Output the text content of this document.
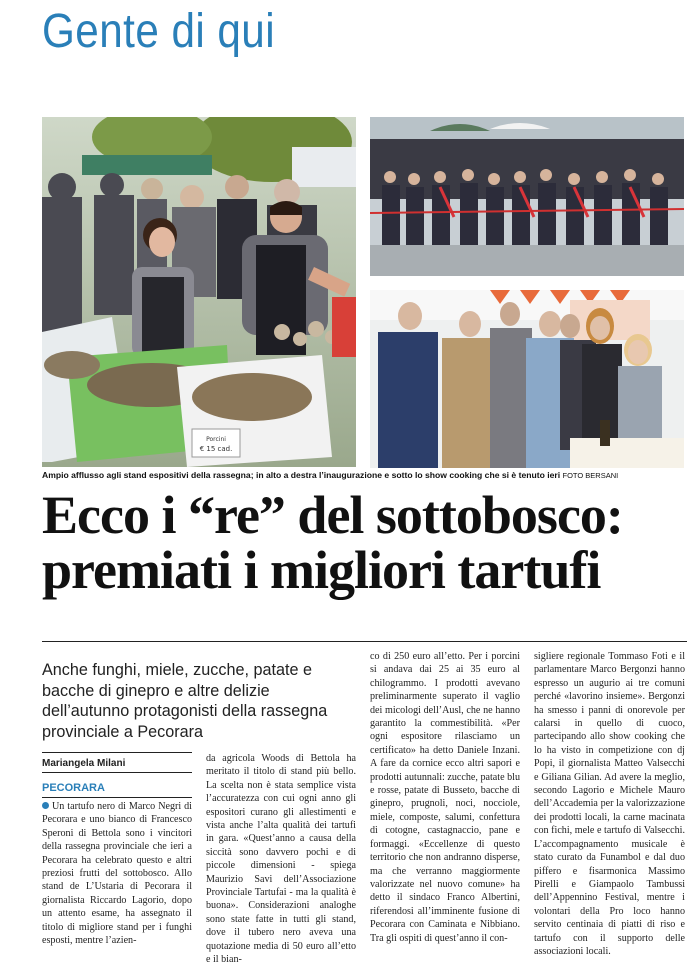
Gente di qui
Porcini
€ 15 cad.
Ampio afflusso agli stand espositivi della rassegna; in alto a destra l’inaugurazione e sotto lo show cooking che si è tenuto ieri FOTO BERSANI
Ecco i “re” del sottobosco:
premiati i migliori tartufi
Anche funghi, miele, zucche, patate e bacche di ginepro e altre delizie dell’autunno protagonisti della rassegna provinciale a Pecorara
Mariangela Milani
PECORARA
Un tartufo nero di Marco Negri di Pecorara e uno bianco di Francesco Speroni di Bettola sono i vincitori della rassegna provinciale che ieri a Pecorara ha celebrato questo e altri preziosi frutti del sottobosco. Allo stand de L’Ustaria di Pecorara il giornalista Riccardo Lagorio, dopo un attento esame, ha assegnato il titolo di migliore stand per i funghi esposti, mentre l’azien-
da agricola Woods di Bettola ha meritato il titolo di stand più bello. La scelta non è stata semplice vista l’accuratezza con cui ogni anno gli espositori curano gli allestimenti e vista anche l’alta qualità dei tartufi in gara. «Quest’anno a causa della siccità sono davvero pochi e di piccole dimensioni - spiega Maurizio Savi dell’Associazione Provinciale Tartufai - ma la qualità è buona». Considerazioni analoghe sono state fatte in tutti gli stand, dove il tubero nero aveva una quotazione media di 50 euro all’etto e il bian-
co di 250 euro all’etto. Per i porcini si andava dai 25 ai 35 euro al chilogrammo. I prodotti avevano preliminarmente superato il vaglio dei micologi dell’Ausl, che ne hanno garantito la commestibilità. «Per ogni espositore rilasciamo un certificato» ha detto Daniele Inzani. A fare da cornice ecco altri sapori e prodotti autunnali: zucche, patate blu e rosse, patate di Busseto, bacche di ginepro, prugnoli, noci, nocciole, miele, composte, salumi, confettura di cotogne, castagnaccio, pane e formaggi. «Eccellenze di questo territorio che non andranno disperse, ma che verranno maggiormente valorizzate nel nuovo comune» ha detto il sindaco Franco Albertini, riferendosi all’imminente fusione di Pecorara con Caminata e Nibbiano. Tra gli ospiti di quest’anno il con-
sigliere regionale Tommaso Foti e il parlamentare Marco Bergonzi hanno espresso un augurio ai tre comuni perché «lavorino insieme». Bergonzi ha smesso i panni di onorevole per calarsi in quello di cuoco, partecipando allo show cooking che lo ha visto in competizione con dj Popi, il giornalista Matteo Valsecchi e Giliana Gilian. Ad avere la meglio, secondo Lagorio e Michele Mauro dell’Accademia per la valorizzazione dei prodotti locali, la carne macinata con fichi, mele e tartufo di Valsecchi. L’accompagnamento musicale è stato curato da Funambol e dal duo piffero e fisarmonica Massimo Pirelli e Giampaolo Tambussi dell’Appennino Festival, mentre i volontari della Pro loco hanno servito centinaia di piatti di riso e tartufo con il supporto delle associazioni locali.
